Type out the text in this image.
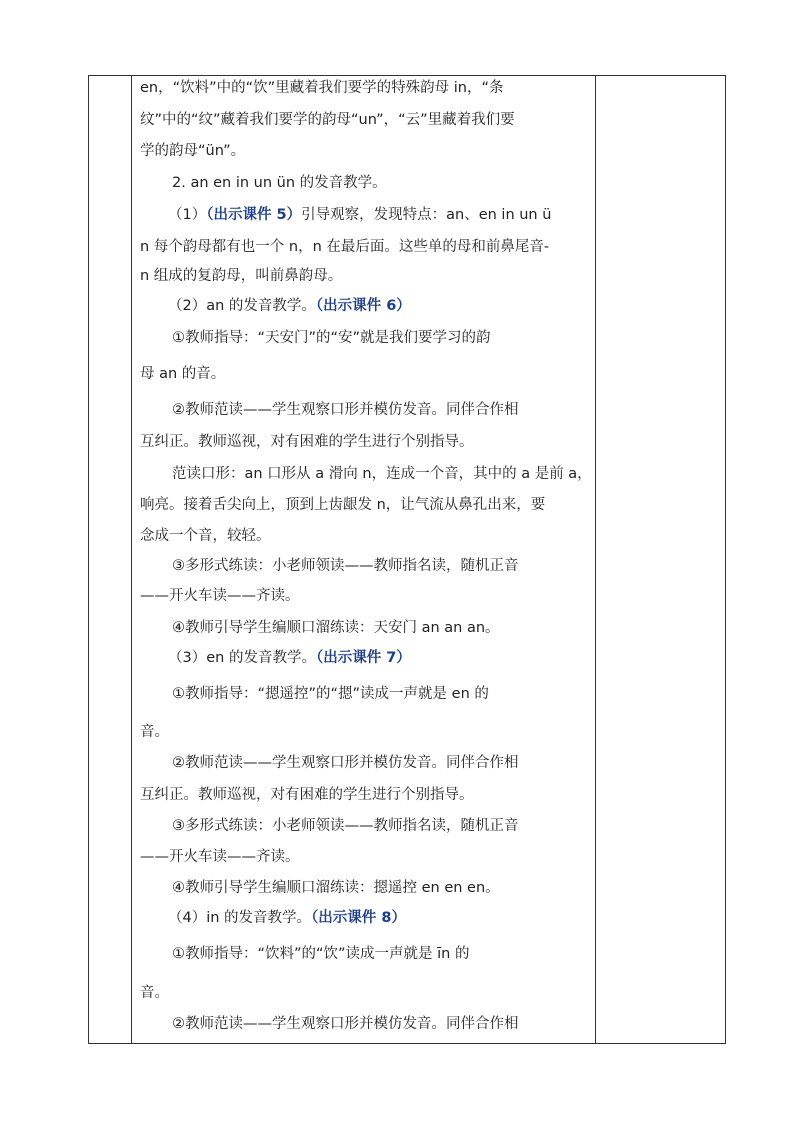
en，“饮料”中的“饮”里藏着我们要学的特殊韵母 in，“条
纹”中的“纹”藏着我们要学的韵母“un”，“云”里藏着我们要
学的韵母“ün”。
2. an en in un ün 的发音教学。
（1）（出示课件 5）引导观察，发现特点：an、en in un ü
n 每个韵母都有也一个 n，n 在最后面。这些单的母和前鼻尾音-
n 组成的复韵母，叫前鼻韵母。
（2）an 的发音教学。（出示课件 6）
①教师指导：“天安门”的“安”就是我们要学习的韵
母 an 的音。
②教师范读——学生观察口形并模仿发音。同伴合作相
互纠正。教师巡视，对有困难的学生进行个别指导。
范读口形：an 口形从 a 滑向 n，连成一个音，其中的 a 是前 a，
响亮。接着舌尖向上，顶到上齿龈发 n，让气流从鼻孔出来，要
念成一个音，较轻。
③多形式练读：小老师领读——教师指名读，随机正音
——开火车读——齐读。
④教师引导学生编顺口溜练读：天安门 an an an。
（3）en 的发音教学。（出示课件 7）
①教师指导：“摁遥控”的“摁”读成一声就是 en 的
音。
②教师范读——学生观察口形并模仿发音。同伴合作相
互纠正。教师巡视，对有困难的学生进行个别指导。
③多形式练读：小老师领读——教师指名读，随机正音
——开火车读——齐读。
④教师引导学生编顺口溜练读：摁遥控 en en en。
（4）in 的发音教学。（出示课件 8）
①教师指导：“饮料”的“饮”读成一声就是 īn 的
音。
②教师范读——学生观察口形并模仿发音。同伴合作相
